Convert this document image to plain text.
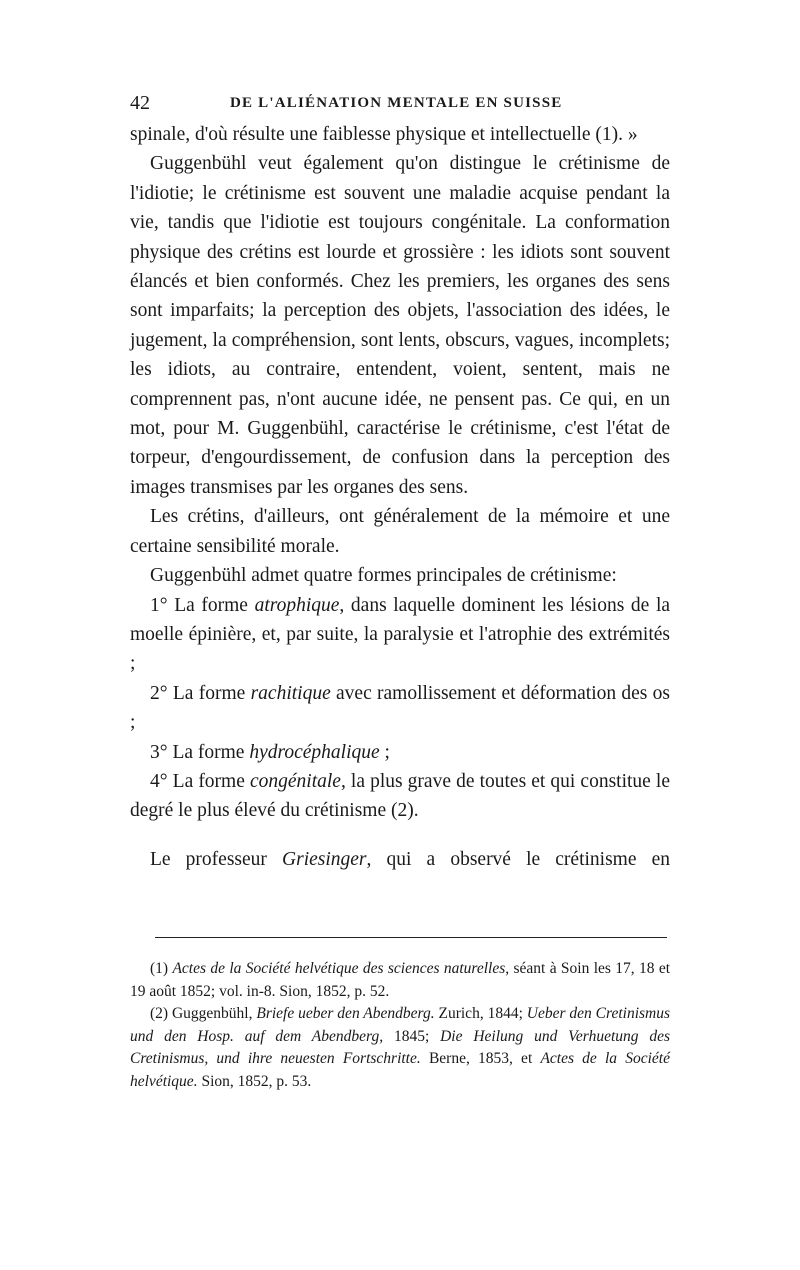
42	DE L'ALIÉNATION MENTALE EN SUISSE

spinale, d'où résulte une faiblesse physique et intellectuelle (1). »

Guggenbühl veut également qu'on distingue le crétinisme de l'idiotie; le crétinisme est souvent une maladie acquise pendant la vie, tandis que l'idiotie est toujours congénitale. La conformation physique des crétins est lourde et grossière : les idiots sont souvent élancés et bien conformés. Chez les premiers, les organes des sens sont imparfaits; la perception des objets, l'association des idées, le jugement, la compréhension, sont lents, obscurs, vagues, incomplets; les idiots, au contraire, entendent, voient, sentent, mais ne comprennent pas, n'ont aucune idée, ne pensent pas. Ce qui, en un mot, pour M. Guggenbühl, caractérise le crétinisme, c'est l'état de torpeur, d'engourdissement, de confusion dans la perception des images transmises par les organes des sens.

Les crétins, d'ailleurs, ont généralement de la mémoire et une certaine sensibilité morale.

Guggenbühl admet quatre formes principales de crétinisme:

1° La forme atrophique, dans laquelle dominent les lésions de la moelle épinière, et, par suite, la paralysie et l'atrophie des extrémités ;

2° La forme rachitique avec ramollissement et déformation des os ;

3° La forme hydrocéphalique ;

4° La forme congénitale, la plus grave de toutes et qui constitue le degré le plus élevé du crétinisme (2).

Le professeur Griesinger, qui a observé le crétinisme en

(1) Actes de la Société helvétique des sciences naturelles, séant à Soin les 17, 18 et 19 août 1852; vol. in-8. Sion, 1852, p. 52.

(2) Guggenbühl, Briefe ueber den Abendberg. Zurich, 1844; Ueber den Cretinismus und den Hosp. auf dem Abendberg, 1845; Die Heilung und Verhuetung des Cretinismus, und ihre neuesten Fortschritte. Berne, 1853, et Actes de la Société helvétique. Sion, 1852, p. 53.
